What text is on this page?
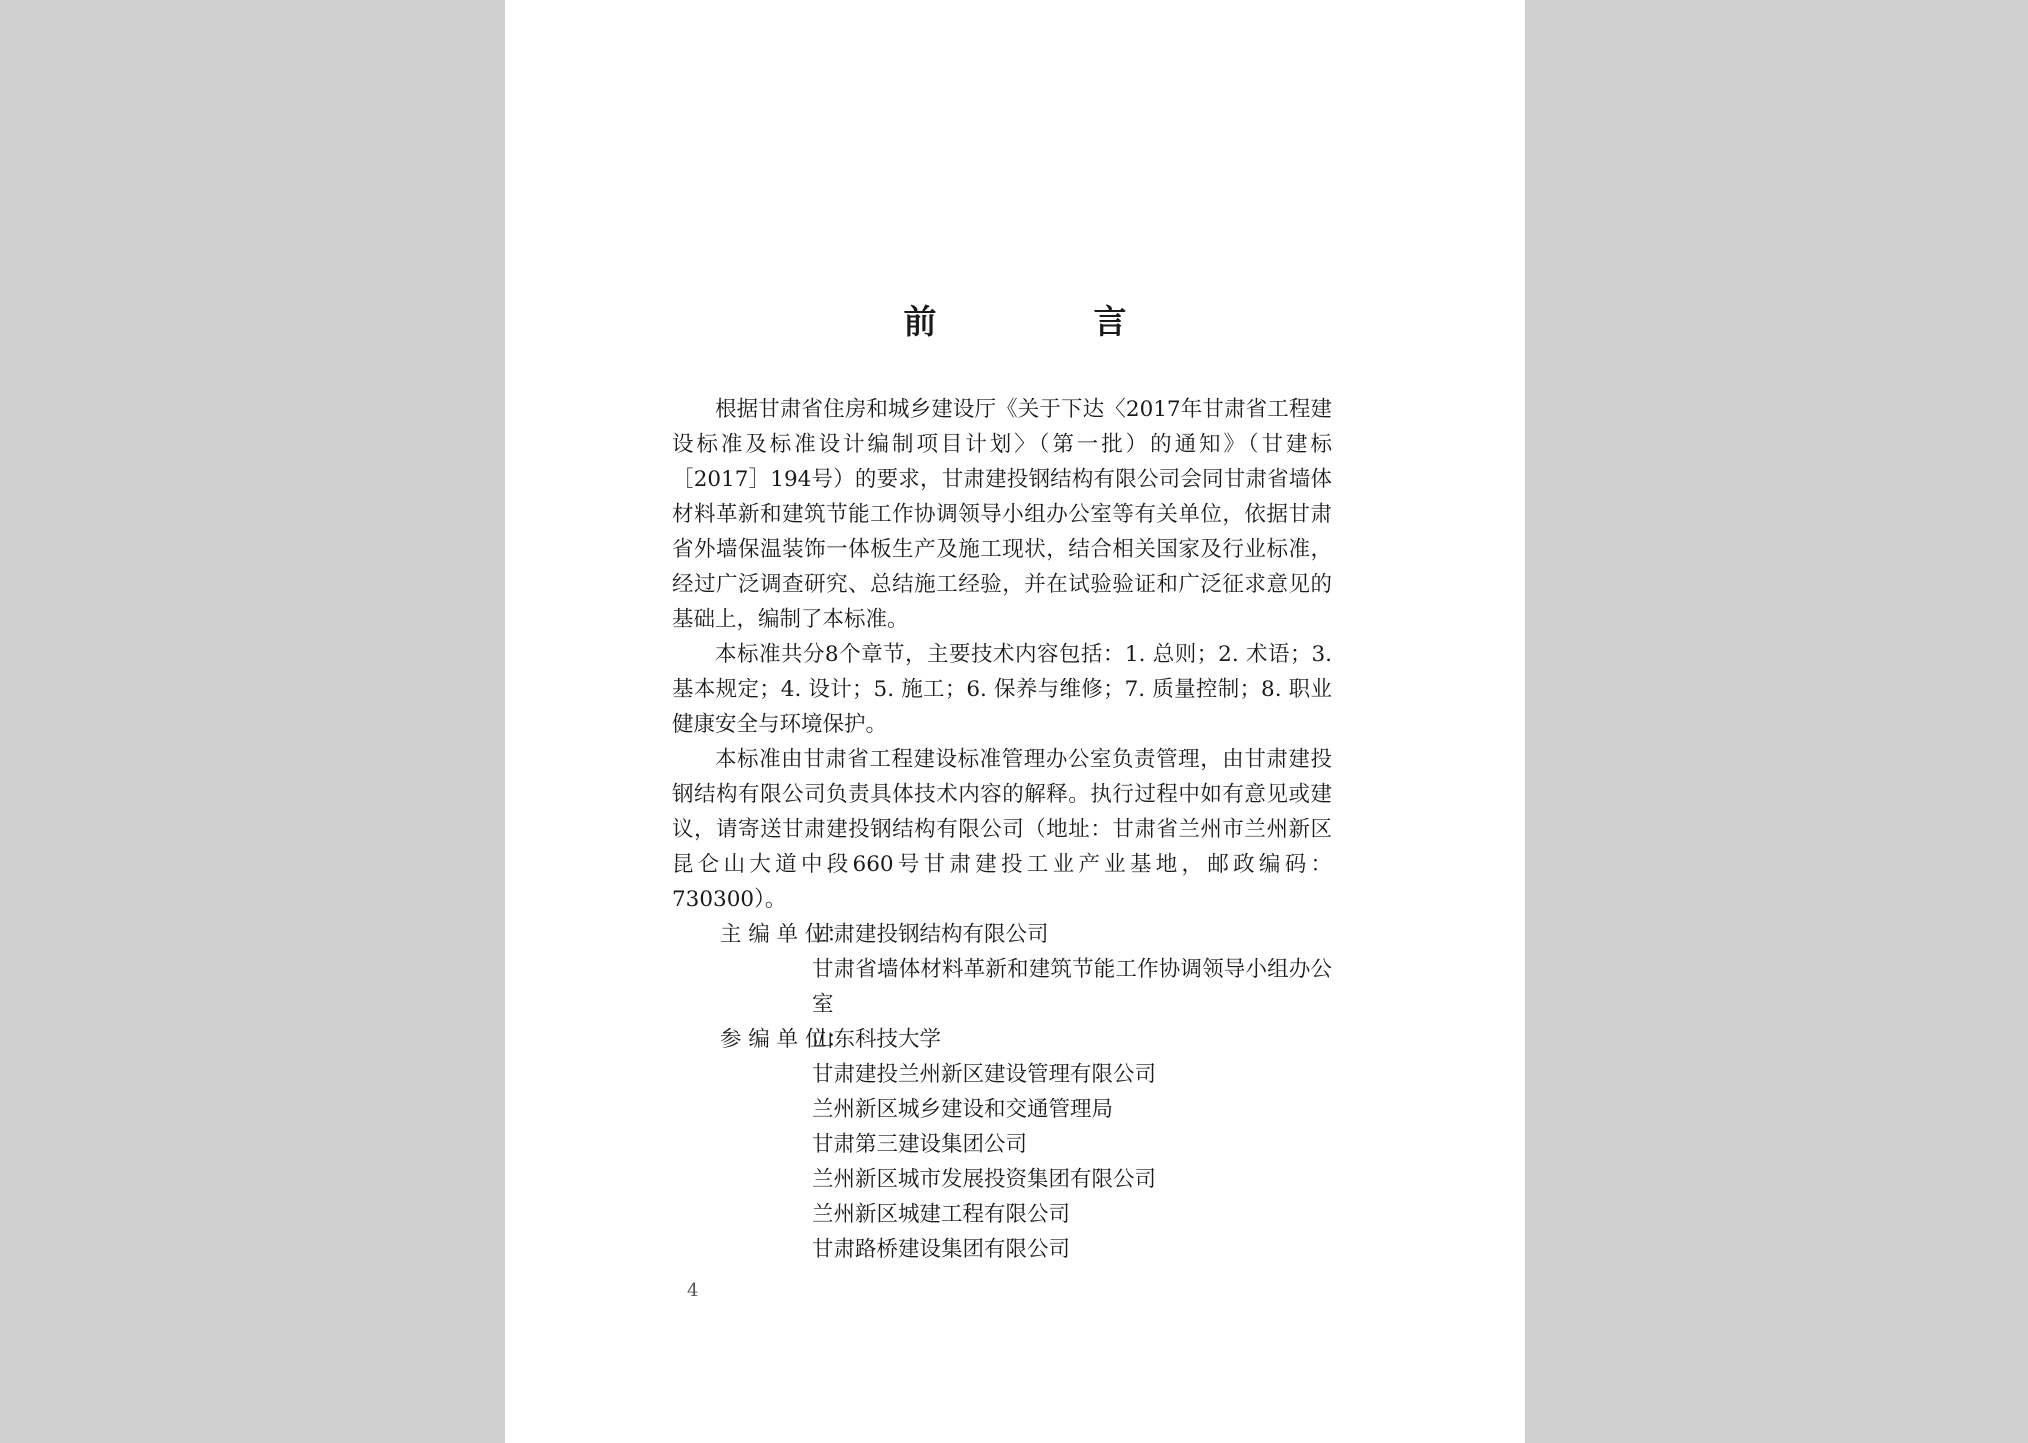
前　言

根据甘肃省住房和城乡建设厅《关于下达〈2017年甘肃省工程建设标准及标准设计编制项目计划〉（第一批）的通知》（甘建标［2017］194号）的要求，甘肃建投钢结构有限公司会同甘肃省墙体材料革新和建筑节能工作协调领导小组办公室等有关单位，依据甘肃省外墙保温装饰一体板生产及施工现状，结合相关国家及行业标准，经过广泛调查研究、总结施工经验，并在试验验证和广泛征求意见的基础上，编制了本标准。

本标准共分8个章节，主要技术内容包括：1. 总则；2. 术语；3. 基本规定；4. 设计；5. 施工；6. 保养与维修；7. 质量控制；8. 职业健康安全与环境保护。

本标准由甘肃省工程建设标准管理办公室负责管理，由甘肃建投钢结构有限公司负责具体技术内容的解释。执行过程中如有意见或建议，请寄送甘肃建投钢结构有限公司（地址：甘肃省兰州市兰州新区昆仑山大道中段660号甘肃建投工业产业基地，邮政编码：730300）。

主 编 单 位：
甘肃建投钢结构有限公司
甘肃省墙体材料革新和建筑节能工作协调领导小组办公室
参 编 单 位：
山东科技大学
甘肃建投兰州新区建设管理有限公司
兰州新区城乡建设和交通管理局
甘肃第三建设集团公司
兰州新区城市发展投资集团有限公司
兰州新区城建工程有限公司
甘肃路桥建设集团有限公司
4
